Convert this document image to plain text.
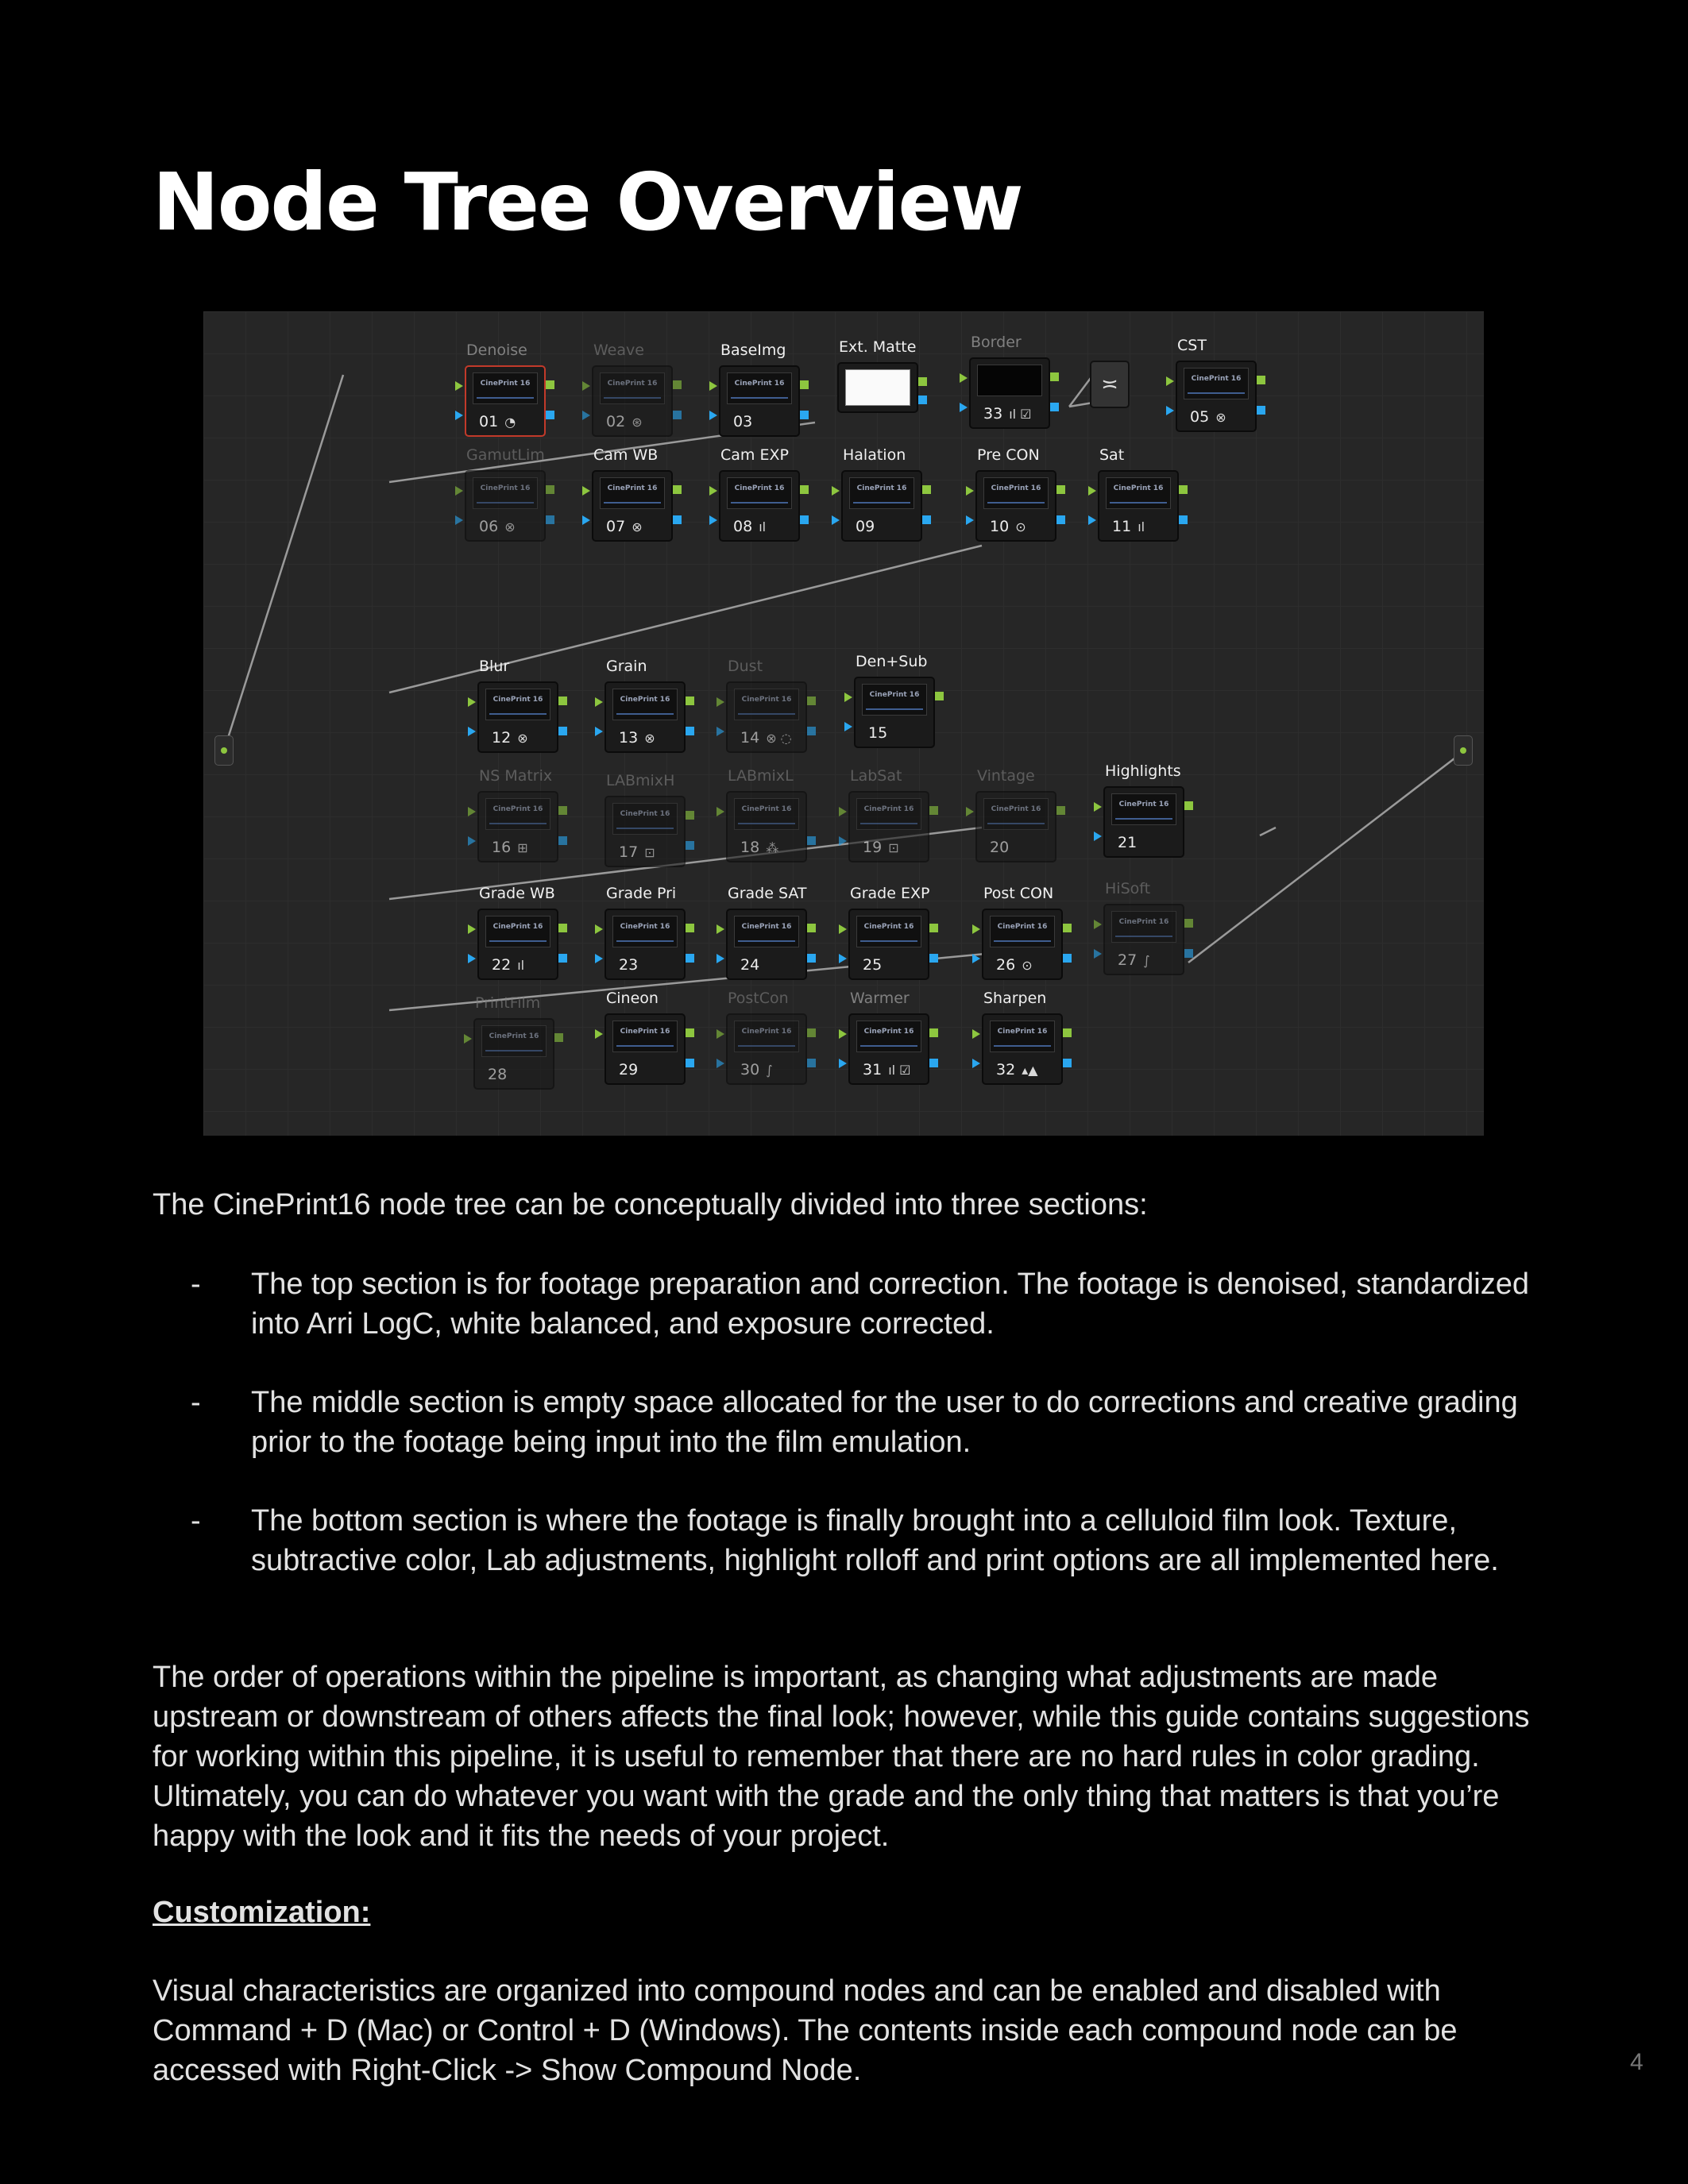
Node Tree Overview
≍
Denoise
CinePrint 16
01 ◔
Weave
CinePrint 16
02 ⊛
BaseImg
CinePrint 16
03
Ext. Matte	Border
33 ıl ☑
CST
CinePrint 16
05 ⊗
GamutLim
CinePrint 16
06 ⊗
Cam WB
CinePrint 16
07 ⊗
Cam EXP
CinePrint 16
08 ıl
Halation
CinePrint 16
09
Pre CON
CinePrint 16
10 ⊙
Sat
CinePrint 16
11 ıl
Blur
CinePrint 16
12 ⊗
Grain
CinePrint 16
13 ⊗
Dust
CinePrint 16
14 ⊗ ◌
Den+Sub
CinePrint 16
15
NS Matrix
CinePrint 16
16 ⊞
LABmixH
CinePrint 16
17 ⊡
LABmixL
CinePrint 16
18 ⁂
LabSat
CinePrint 16
19 ⊡
Vintage
CinePrint 16
20
Highlights
CinePrint 16
21
Grade WB
CinePrint 16
22 ıl
Grade Pri
CinePrint 16
23
Grade SAT
CinePrint 16
24
Grade EXP
CinePrint 16
25
Post CON
CinePrint 16
26 ⊙
HiSoft
CinePrint 16
27 ∫
PrintFilm
CinePrint 16
28
Cineon
CinePrint 16
29
PostCon
CinePrint 16
30 ∫
Warmer
CinePrint 16
31 ıl ☑
Sharpen
CinePrint 16
32 ▴▲

The CinePrint16 node tree can be conceptually divided into three sections:

- The top section is for footage preparation and correction. The footage is denoised, standardized into Arri LogC, white balanced, and exposure corrected.
- The middle section is empty space allocated for the user to do corrections and creative grading prior to the footage being input into the film emulation.
- The bottom section is where the footage is finally brought into a celluloid film look. Texture, subtractive color, Lab adjustments, highlight rolloff and print options are all implemented here.

The order of operations within the pipeline is important, as changing what adjustments are made upstream or downstream of others affects the final look; however, while this guide contains suggestions for working within this pipeline, it is useful to remember that there are no hard rules in color grading. Ultimately, you can do whatever you want with the grade and the only thing that matters is that you’re happy with the look and it fits the needs of your project.

Customization:

Visual characteristics are organized into compound nodes and can be enabled and disabled with Command + D (Mac) or Control + D (Windows). The contents inside each compound node can be accessed with Right-Click -> Show Compound Node.	4
